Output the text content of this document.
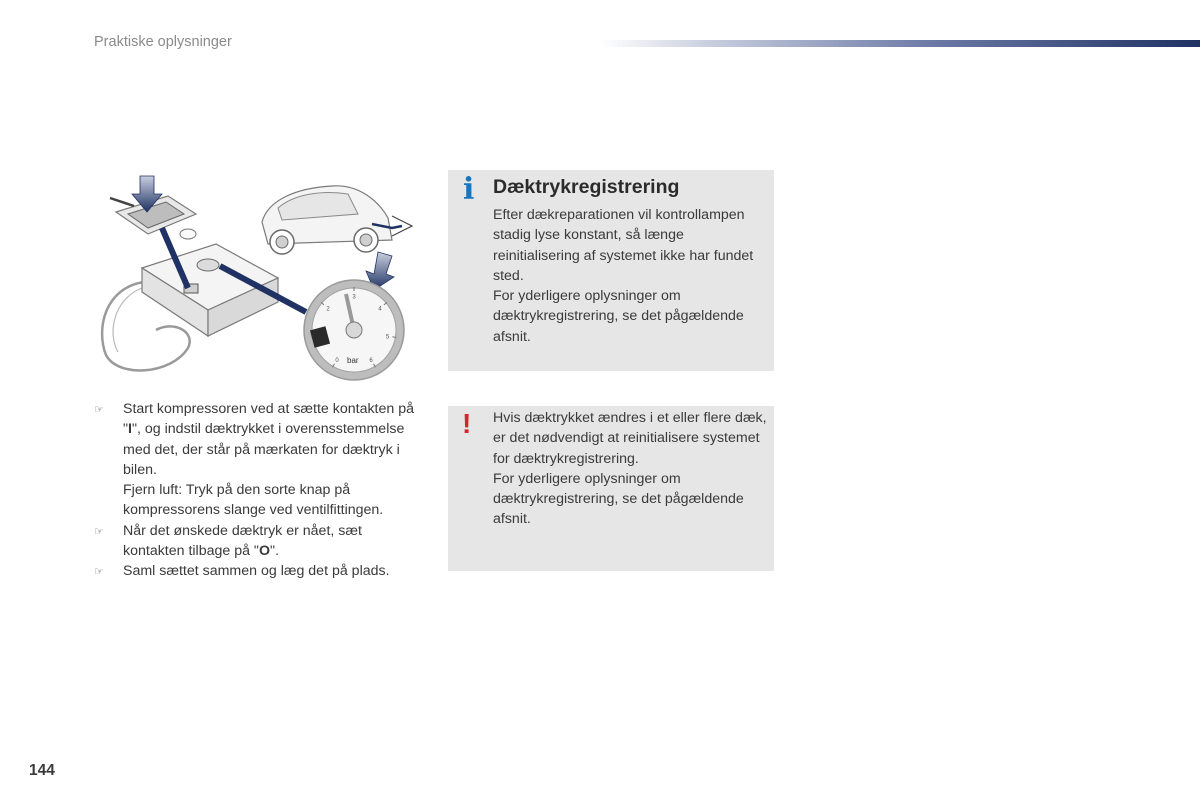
Praktiske oplysninger
0
2
3
4
5
6
bar
☞ Start kompressoren ved at sætte kontakten på "I", og indstil dæktrykket i overensstemmelse med det, der står på mærkaten for dæktryk i bilen.
Fjern luft: Tryk på den sorte knap på kompressorens slange ved ventilfittingen.
☞ Når det ønskede dæktryk er nået, sæt kontakten tilbage på "O".
☞ Saml sættet sammen og læg det på plads.
i Dæktrykregistrering
Efter dækreparationen vil kontrollampen stadig lyse konstant, så længe reinitialisering af systemet ikke har fundet sted.
For yderligere oplysninger om dæktrykregistrering, se det pågældende afsnit.
! Hvis dæktrykket ændres i et eller flere dæk, er det nødvendigt at reinitialisere systemet for dæktrykregistrering.
For yderligere oplysninger om dæktrykregistrering, se det pågældende afsnit.
144
